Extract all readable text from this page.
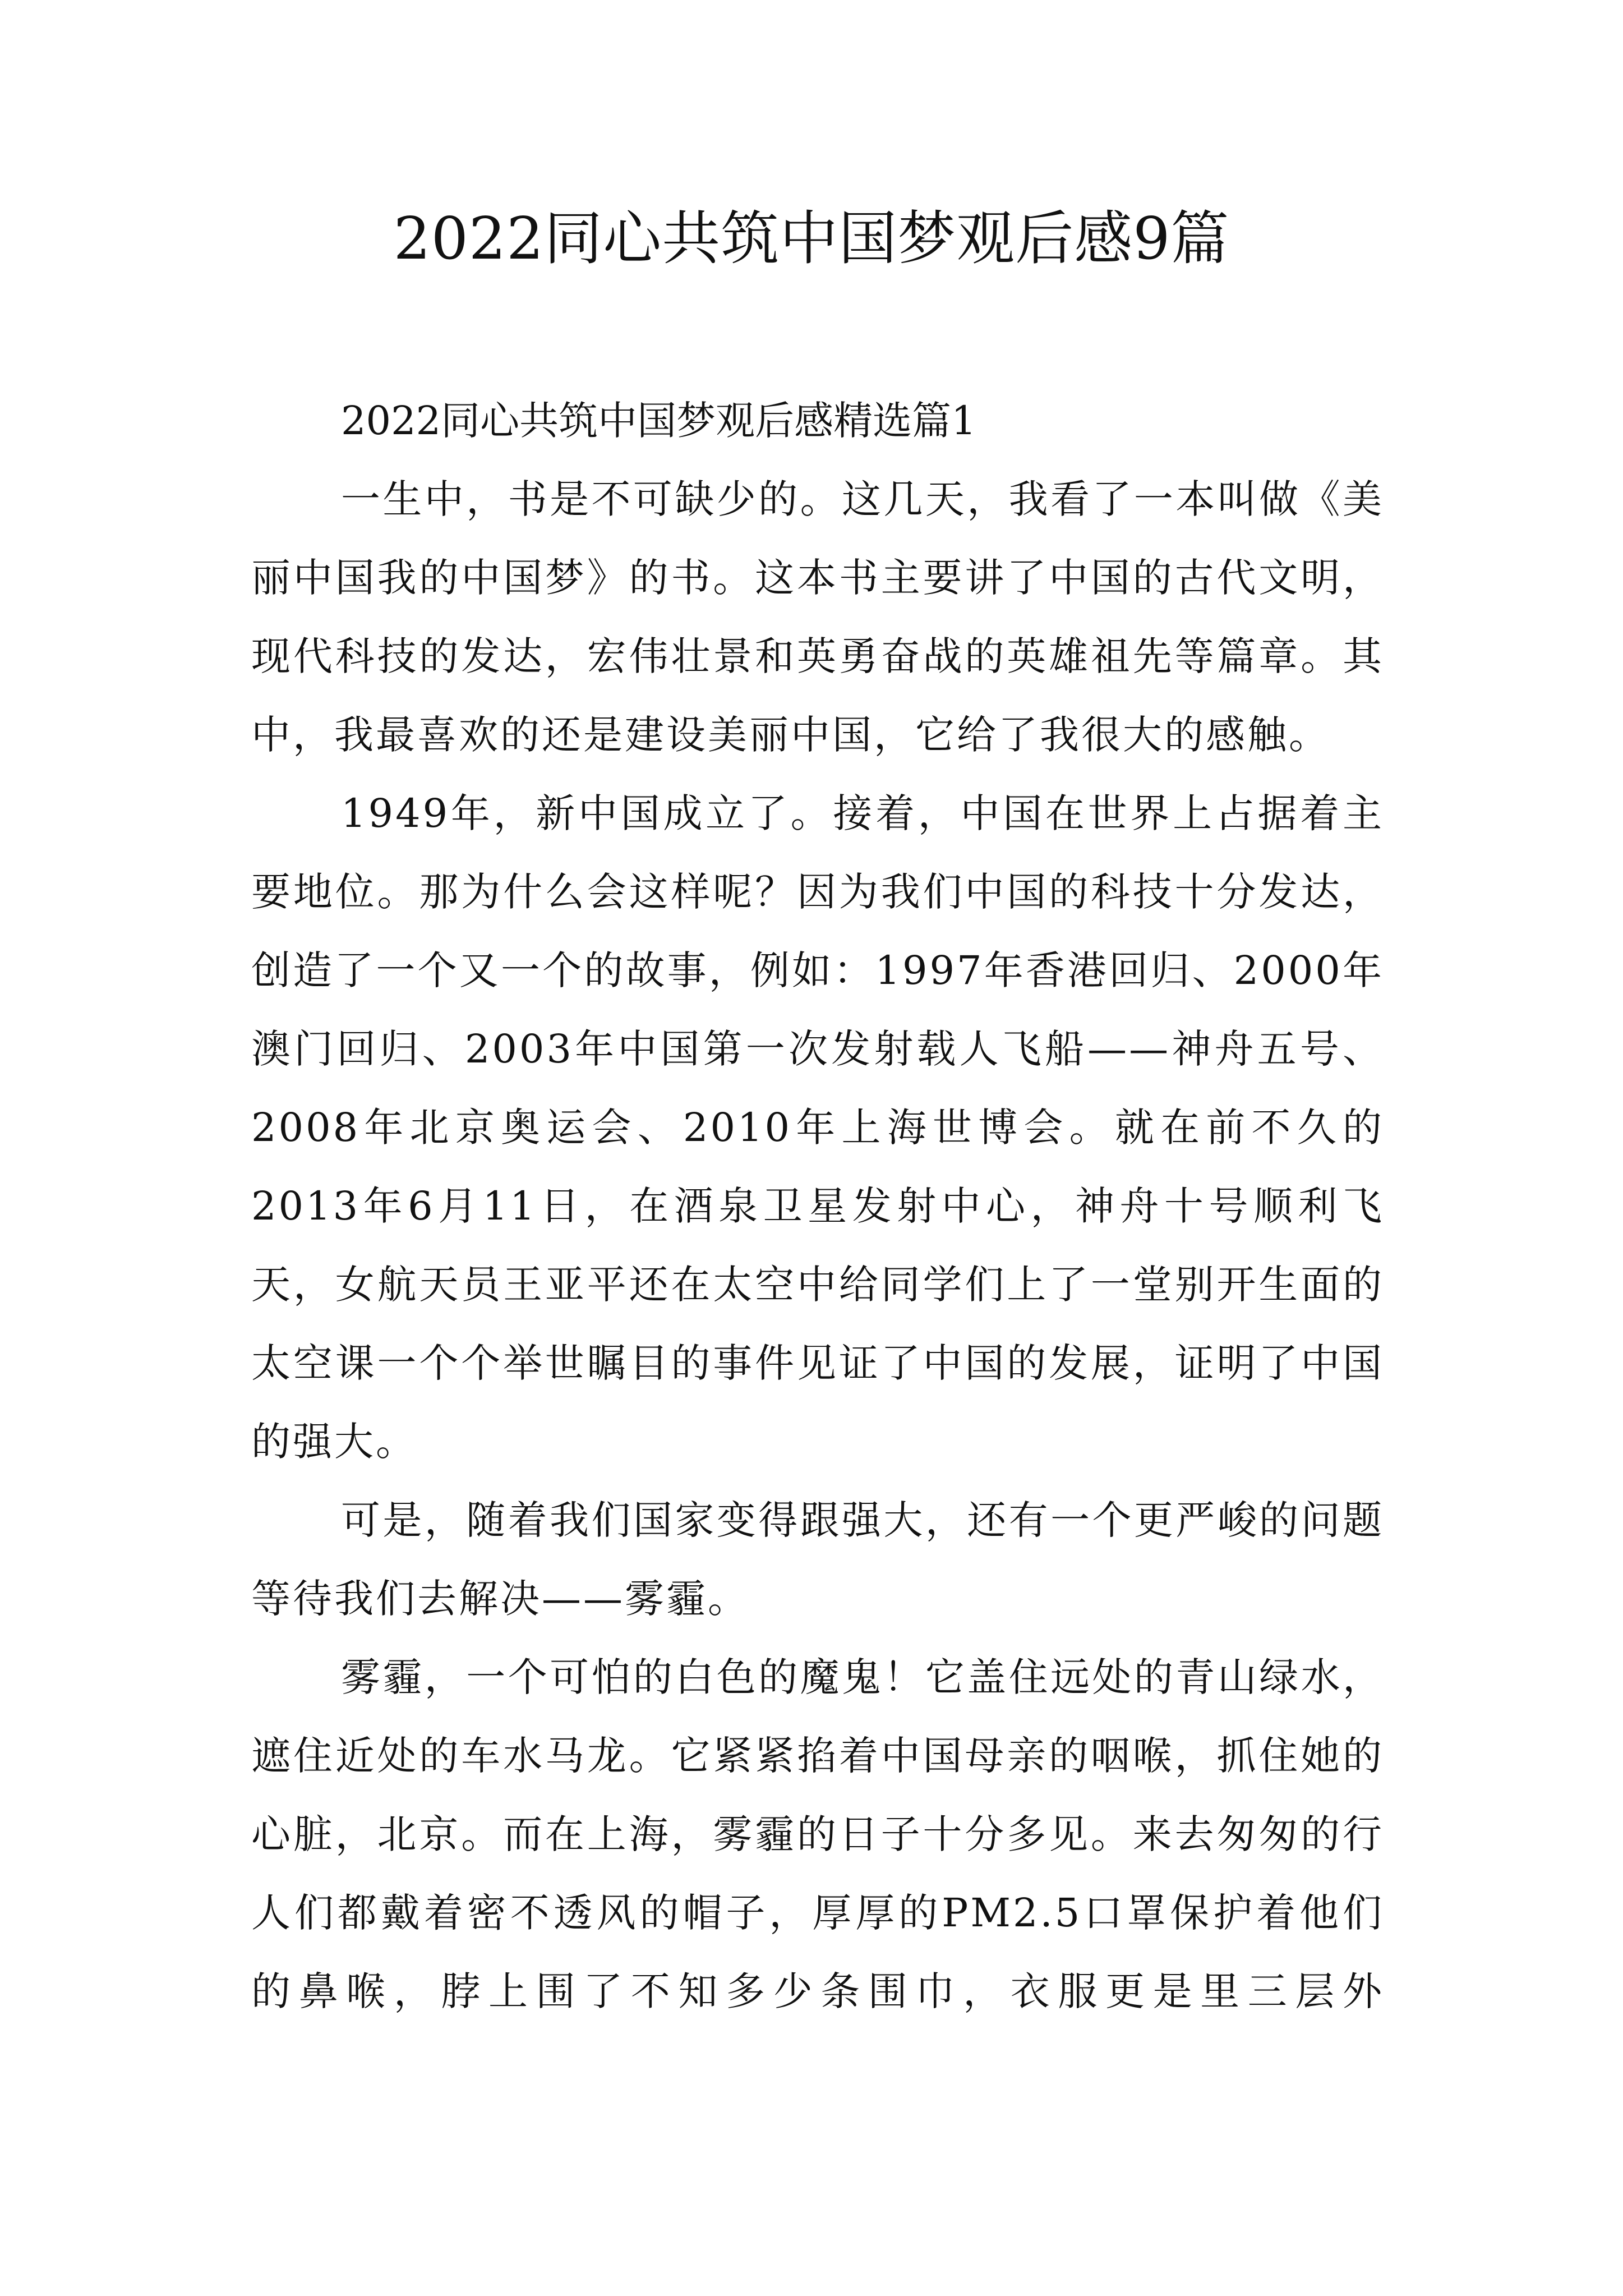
2022同心共筑中国梦观后感9篇

2022同心共筑中国梦观后感精选篇1

一生中，书是不可缺少的。这几天，我看了一本叫做《美丽中国我的中国梦》的书。这本书主要讲了中国的古代文明，现代科技的发达，宏伟壮景和英勇奋战的英雄祖先等篇章。其中，我最喜欢的还是建设美丽中国，它给了我很大的感触。

1949年，新中国成立了。接着，中国在世界上占据着主要地位。那为什么会这样呢？因为我们中国的科技十分发达，创造了一个又一个的故事，例如：1997年香港回归、2000年澳门回归、2003年中国第一次发射载人飞船——神舟五号、2008年北京奥运会、2010年上海世博会。就在前不久的2013年6月11日，在酒泉卫星发射中心，神舟十号顺利飞天，女航天员王亚平还在太空中给同学们上了一堂别开生面的太空课一个个举世瞩目的事件见证了中国的发展，证明了中国的强大。

可是，随着我们国家变得跟强大，还有一个更严峻的问题等待我们去解决——雾霾。

雾霾，一个可怕的白色的魔鬼！它盖住远处的青山绿水，遮住近处的车水马龙。它紧紧掐着中国母亲的咽喉，抓住她的心脏，北京。而在上海，雾霾的日子十分多见。来去匆匆的行人们都戴着密不透风的帽子，厚厚的PM2.5口罩保护着他们的鼻喉，脖上围了不知多少条围巾，衣服更是里三层外
